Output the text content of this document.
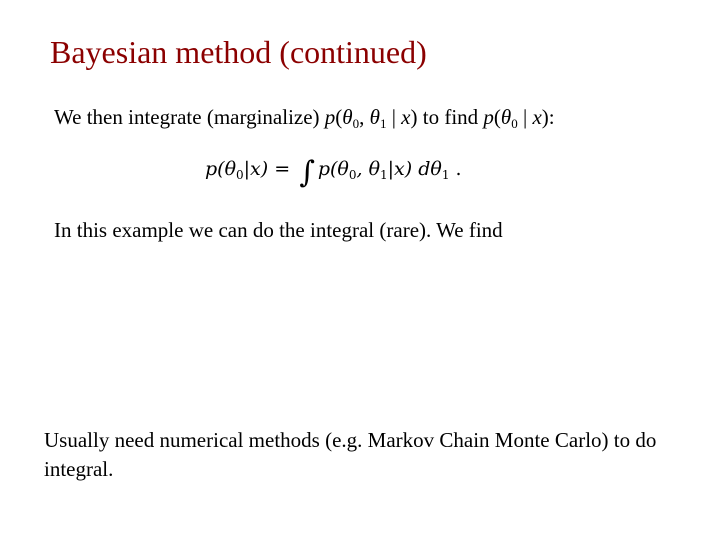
Bayesian method (continued)
We then integrate (marginalize) $p(\theta_0$, $\theta_1$ | x) to find $p(\theta_0$ | x):
$p(\theta_0|x)$ = ∫ $p(\theta_0$, $\theta_1|x$) $d\theta_1$ .
In this example we can do the integral (rare). We find
Usually need numerical methods (e.g. Markov Chain Monte Carlo) to do integral.
